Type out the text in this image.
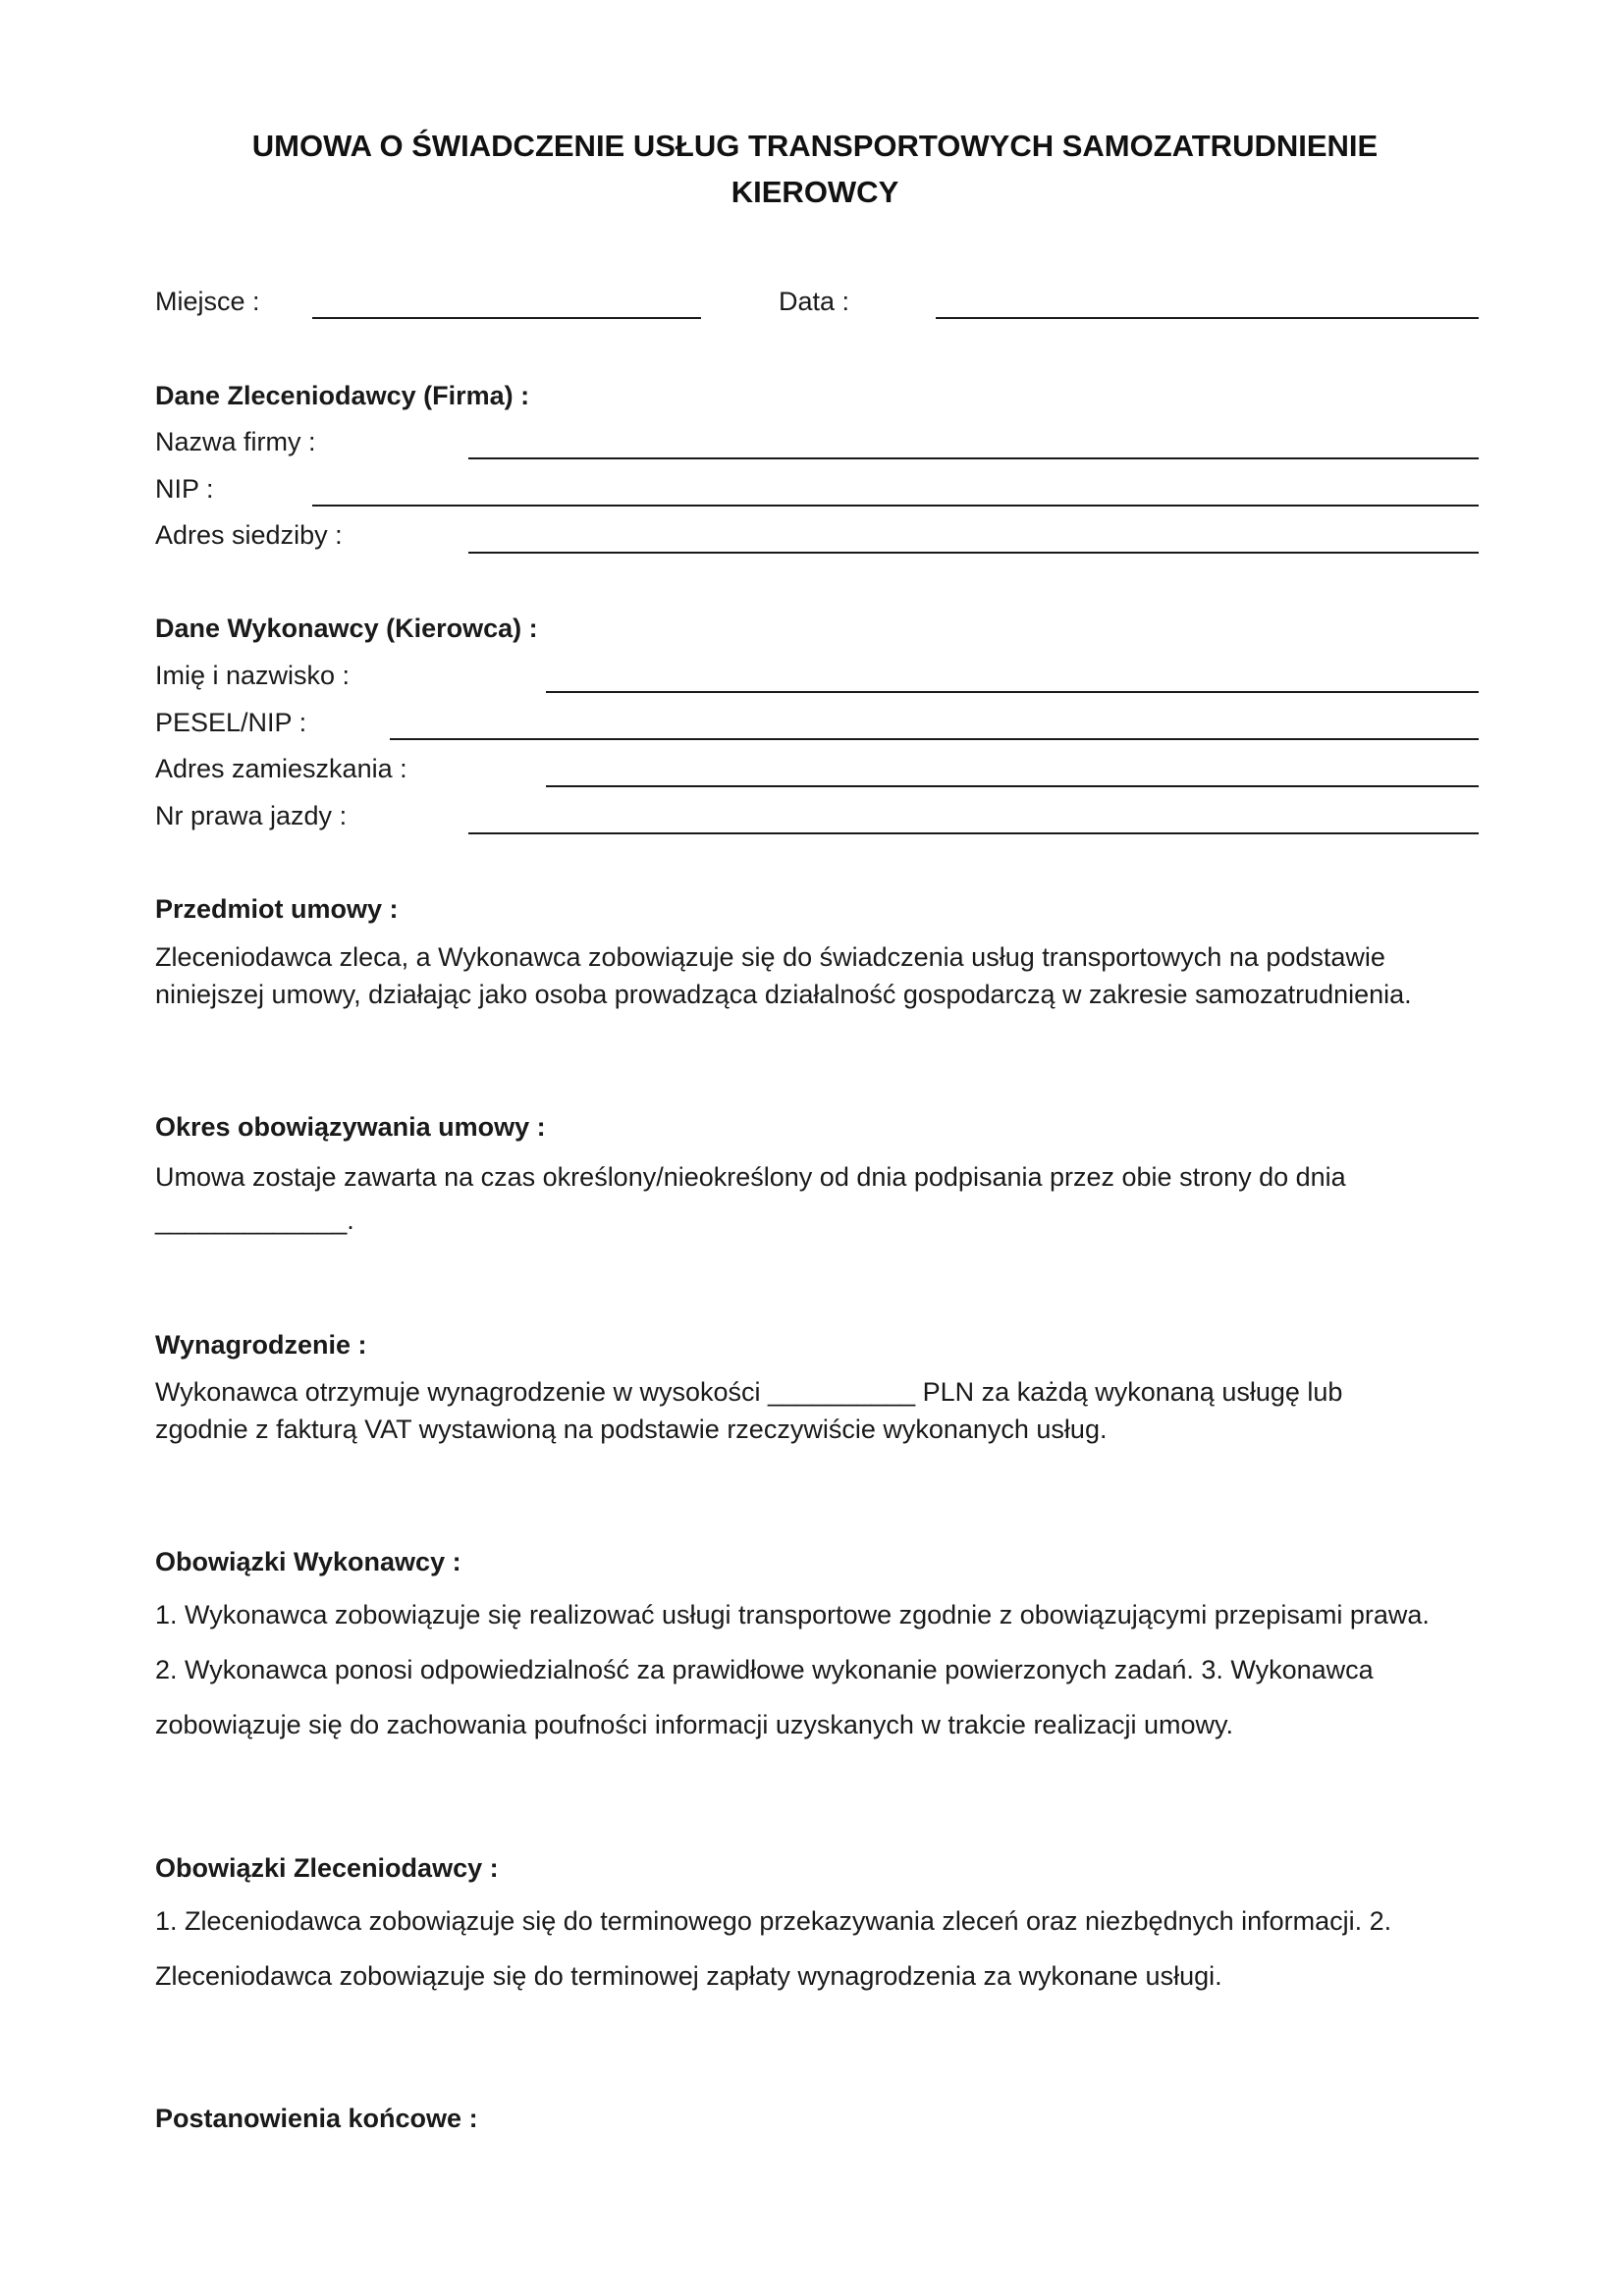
UMOWA O ŚWIADCZENIE USŁUG TRANSPORTOWYCH SAMOZATRUDNIENIE
KIEROWCY
Miejsce :	Data :
Dane Zleceniodawcy (Firma) :
Nazwa firmy :
NIP :
Adres siedziby :
Dane Wykonawcy (Kierowca) :
Imię i nazwisko :
PESEL/NIP :
Adres zamieszkania :
Nr prawa jazdy :
Przedmiot umowy :
Zleceniodawca zleca, a Wykonawca zobowiązuje się do świadczenia usług transportowych na podstawie
niniejszej umowy, działając jako osoba prowadząca działalność gospodarczą w zakresie samozatrudnienia.
Okres obowiązywania umowy :
Umowa zostaje zawarta na czas określony/nieokreślony od dnia podpisania przez obie strony do dnia
_____________.
Wynagrodzenie :
Wykonawca otrzymuje wynagrodzenie w wysokości __________ PLN za każdą wykonaną usługę lub
zgodnie z fakturą VAT wystawioną na podstawie rzeczywiście wykonanych usług.
Obowiązki Wykonawcy :
1. Wykonawca zobowiązuje się realizować usługi transportowe zgodnie z obowiązującymi przepisami prawa.
2. Wykonawca ponosi odpowiedzialność za prawidłowe wykonanie powierzonych zadań. 3. Wykonawca
zobowiązuje się do zachowania poufności informacji uzyskanych w trakcie realizacji umowy.
Obowiązki Zleceniodawcy :
1. Zleceniodawca zobowiązuje się do terminowego przekazywania zleceń oraz niezbędnych informacji. 2.
Zleceniodawca zobowiązuje się do terminowej zapłaty wynagrodzenia za wykonane usługi.
Postanowienia końcowe :
